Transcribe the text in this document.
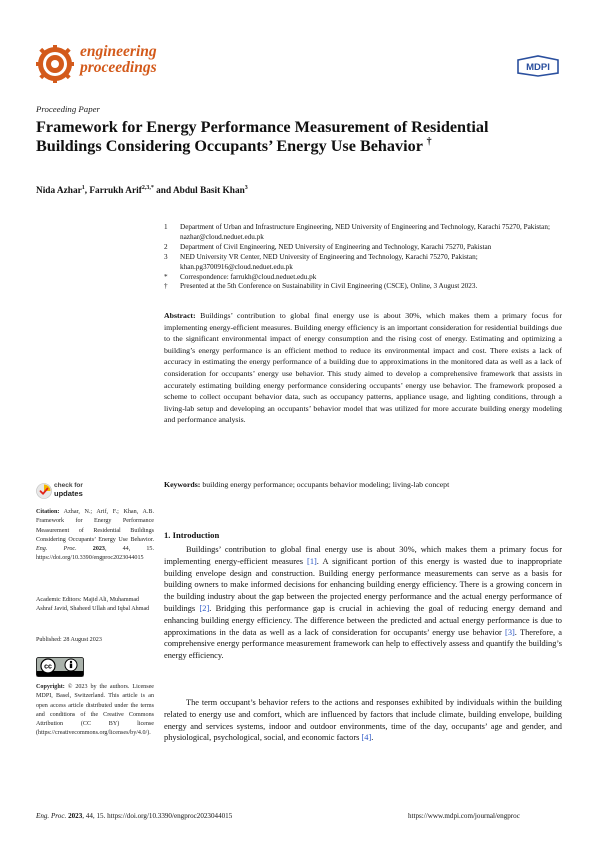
engineering
proceedings	MDPI
Proceeding Paper
Framework for Energy Performance Measurement of Residential Buildings Considering Occupants’ Energy Use Behavior †
Nida Azhar$^1$, Farrukh Arif$^{2,3,*}$ and Abdul Basit Khan$^3$
1	Department of Urban and Infrastructure Engineering, NED University of Engineering and Technology, Karachi 75270, Pakistan; nazhar@cloud.neduet.edu.pk
2	Department of Civil Engineering, NED University of Engineering and Technology, Karachi 75270, Pakistan
3	NED University VR Center, NED University of Engineering and Technology, Karachi 75270, Pakistan; khan.pg3700916@cloud.neduet.edu.pk
*	Correspondence: farrukh@cloud.neduet.edu.pk
†	Presented at the 5th Conference on Sustainability in Civil Engineering (CSCE), Online, 3 August 2023.
Abstract: Buildings’ contribution to global final energy use is about 30%, which makes them a primary focus for implementing energy-efficient measures. Building energy efficiency is an important consideration for residential buildings due to the significant environmental impact of energy consumption and the rising cost of energy. Estimating and optimizing a building’s energy performance is an efficient method to reduce its environmental impact and cost. There exists a lack of accuracy in estimating the energy performance of a building due to approximations in the monitored data as well as a lack of consideration for occupants’ energy use behavior. This study aimed to develop a comprehensive framework that assists in accurately estimating building energy performance considering occupants’ energy use behavior. The framework proposed a scheme to collect occupant behavior data, such as occupancy patterns, appliance usage, and lighting conditions, through a living-lab setup and developing an occupants’ behavior model that was utilized for more accurate building energy modeling and performance analysis.
Keywords: building energy performance; occupants behavior modeling; living-lab concept
check for
updates
Citation: Azhar, N.; Arif, F.; Khan, A.B. Framework for Energy Performance Measurement of Residential Buildings Considering Occupants’ Energy Use Behavior. Eng. Proc.	2023, 44, 15. https://doi.org/10.3390/engproc2023044015
Academic Editors: Majid Ali, Muhammad Ashraf Javid, Shaheed Ullah and Iqbal Ahmad
Published: 28 August 2023
cc
Copyright: © 2023 by the authors. Licensee MDPI, Basel, Switzerland. This article is an open access article distributed under the terms and conditions of the Creative Commons Attribution (CC BY) license (https://creativecommons.org/licenses/by/4.0/).
1. Introduction
Buildings’ contribution to global final energy use is about 30%, which makes them a primary focus for implementing energy-efficient measures [1]. A significant portion of this energy is wasted due to inappropriate building envelope design and construction. Building energy performance measurements can serve as a basis for building owners to make informed decisions for enhancing building energy efficiency. There is a growing concern in the building industry about the gap between the projected energy performance and the actual energy performance of buildings [2]. Bridging this performance gap is crucial in achieving the goal of reducing energy demand and enhancing building energy efficiency. The difference between the predicted and actual energy performance is due to approximations in the data as well as a lack of consideration for occupants’ energy use behavior [3]. Therefore, a comprehensive energy performance measurement framework can help to effectively assess and quantify the building’s energy efficiency.
The term occupant’s behavior refers to the actions and responses exhibited by individuals within the building related to energy use and comfort, which are influenced by factors that include climate, building envelope, building energy and services systems, indoor and outdoor environments, time of the day, occupants’ age and gender, and physiological, psychological, social, and economic factors [4].
Eng. Proc. 2023, 44, 15. https://doi.org/10.3390/engproc2023044015	https://www.mdpi.com/journal/engproc
